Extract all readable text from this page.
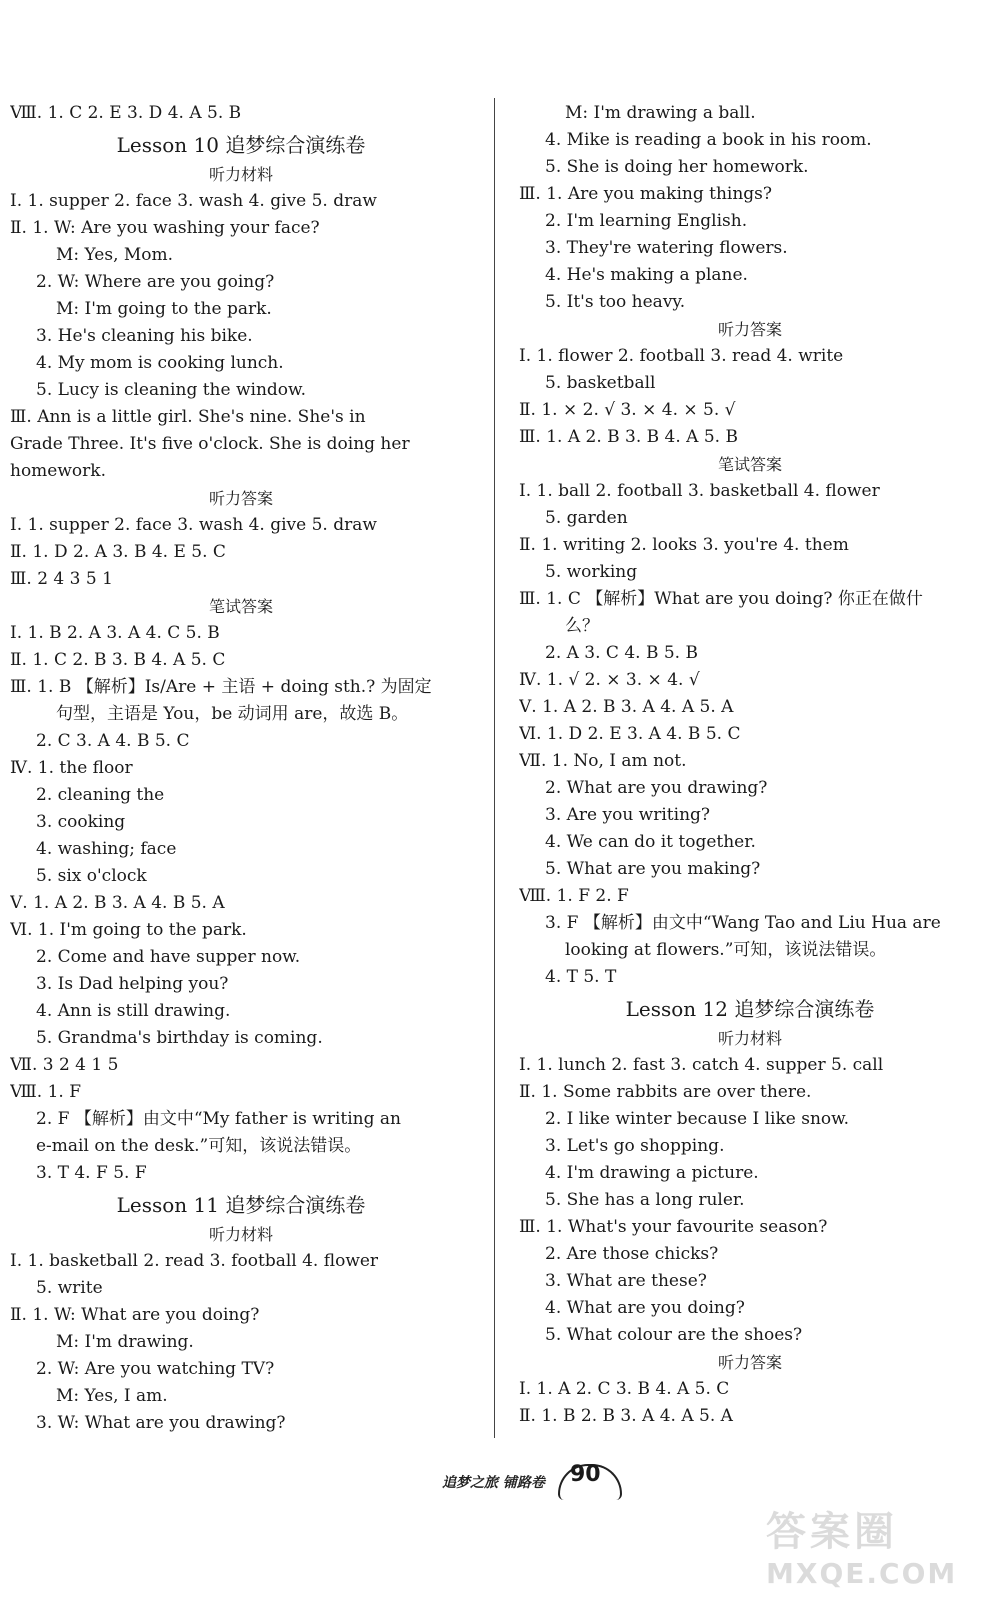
Ⅷ. 1. C 2. E 3. D 4. A 5. B
Lesson 10 追梦综合演练卷
听力材料
Ⅰ. 1. supper 2. face 3. wash 4. give 5. draw
Ⅱ. 1. W: Are you washing your face?
M: Yes, Mom.
2. W: Where are you going?
M: I'm going to the park.
3. He's cleaning his bike.
4. My mom is cooking lunch.
5. Lucy is cleaning the window.
Ⅲ. Ann is a little girl. She's nine. She's in
Grade Three. It's five o'clock. She is doing her
homework.
听力答案
Ⅰ. 1. supper 2. face 3. wash 4. give 5. draw
Ⅱ. 1. D 2. A 3. B 4. E 5. C
Ⅲ. 2 4 3 5 1
笔试答案
Ⅰ. 1. B 2. A 3. A 4. C 5. B
Ⅱ. 1. C 2. B 3. B 4. A 5. C
Ⅲ. 1. B 【解析】Is/Are + 主语 + doing sth.? 为固定
句型，主语是 You，be 动词用 are，故选 B。
2. C 3. A 4. B 5. C
Ⅳ. 1. the floor
2. cleaning the
3. cooking
4. washing; face
5. six o'clock
Ⅴ. 1. A 2. B 3. A 4. B 5. A
Ⅵ. 1. I'm going to the park.
2. Come and have supper now.
3. Is Dad helping you?
4. Ann is still drawing.
5. Grandma's birthday is coming.
Ⅶ. 3 2 4 1 5
Ⅷ. 1. F
2. F 【解析】由文中“My father is writing an
e-mail on the desk.”可知，该说法错误。
3. T 4. F 5. F
Lesson 11 追梦综合演练卷
听力材料
Ⅰ. 1. basketball 2. read 3. football 4. flower
5. write
Ⅱ. 1. W: What are you doing?
M: I'm drawing.
2. W: Are you watching TV?
M: Yes, I am.
3. W: What are you drawing?
M: I'm drawing a ball.
4. Mike is reading a book in his room.
5. She is doing her homework.
Ⅲ. 1. Are you making things?
2. I'm learning English.
3. They're watering flowers.
4. He's making a plane.
5. It's too heavy.
听力答案
Ⅰ. 1. flower 2. football 3. read 4. write
5. basketball
Ⅱ. 1. × 2. √ 3. × 4. × 5. √
Ⅲ. 1. A 2. B 3. B 4. A 5. B
笔试答案
Ⅰ. 1. ball 2. football 3. basketball 4. flower
5. garden
Ⅱ. 1. writing 2. looks 3. you're 4. them
5. working
Ⅲ. 1. C 【解析】What are you doing? 你正在做什
么？
2. A 3. C 4. B 5. B
Ⅳ. 1. √ 2. × 3. × 4. √
Ⅴ. 1. A 2. B 3. A 4. A 5. A
Ⅵ. 1. D 2. E 3. A 4. B 5. C
Ⅶ. 1. No, I am not.
2. What are you drawing?
3. Are you writing?
4. We can do it together.
5. What are you making?
Ⅷ. 1. F 2. F
3. F 【解析】由文中“Wang Tao and Liu Hua are
looking at flowers.”可知，该说法错误。
4. T 5. T
Lesson 12 追梦综合演练卷
听力材料
Ⅰ. 1. lunch 2. fast 3. catch 4. supper 5. call
Ⅱ. 1. Some rabbits are over there.
2. I like winter because I like snow.
3. Let's go shopping.
4. I'm drawing a picture.
5. She has a long ruler.
Ⅲ. 1. What's your favourite season?
2. Are those chicks?
3. What are these?
4. What are you doing?
5. What colour are the shoes?
听力答案
Ⅰ. 1. A 2. C 3. B 4. A 5. C
Ⅱ. 1. B 2. B 3. A 4. A 5. A
追梦之旅 铺路卷 90
答案圈
MXQE.COM
